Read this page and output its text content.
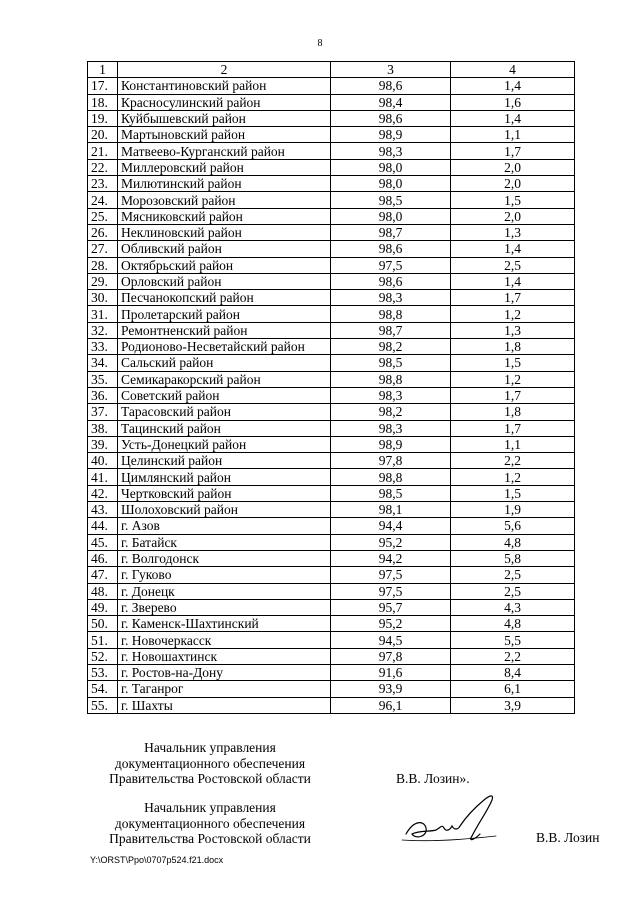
8
1	2	3	4
17.	Константиновский район	98,6	1,4
18.	Красносулинский район	98,4	1,6
19.	Куйбышевский район	98,6	1,4
20.	Мартыновский район	98,9	1,1
21.	Матвеево-Курганский район	98,3	1,7
22.	Миллеровский район	98,0	2,0
23.	Милютинский район	98,0	2,0
24.	Морозовский район	98,5	1,5
25.	Мясниковский район	98,0	2,0
26.	Неклиновский район	98,7	1,3
27.	Обливский район	98,6	1,4
28.	Октябрьский район	97,5	2,5
29.	Орловский район	98,6	1,4
30.	Песчанокопский район	98,3	1,7
31.	Пролетарский район	98,8	1,2
32.	Ремонтненский район	98,7	1,3
33.	Родионово-Несветайский район	98,2	1,8
34.	Сальский район	98,5	1,5
35.	Семикаракорский район	98,8	1,2
36.	Советский район	98,3	1,7
37.	Тарасовский район	98,2	1,8
38.	Тацинский район	98,3	1,7
39.	Усть-Донецкий район	98,9	1,1
40.	Целинский район	97,8	2,2
41.	Цимлянский район	98,8	1,2
42.	Чертковский район	98,5	1,5
43.	Шолоховский район	98,1	1,9
44.	г. Азов	94,4	5,6
45.	г. Батайск	95,2	4,8
46.	г. Волгодонск	94,2	5,8
47.	г. Гуково	97,5	2,5
48.	г. Донецк	97,5	2,5
49.	г. Зверево	95,7	4,3
50.	г. Каменск-Шахтинский	95,2	4,8
51.	г. Новочеркасск	94,5	5,5
52.	г. Новошахтинск	97,8	2,2
53.	г. Ростов-на-Дону	91,6	8,4
54.	г. Таганрог	93,9	6,1
55.	г. Шахты	96,1	3,9
Начальник управления
документационного обеспечения
Правительства Ростовской области	В.В. Лозин».
Начальник управления
документационного обеспечения
Правительства Ростовской области	В.В. Лозин
Y:\ORST\Ppo\0707p524.f21.docx
